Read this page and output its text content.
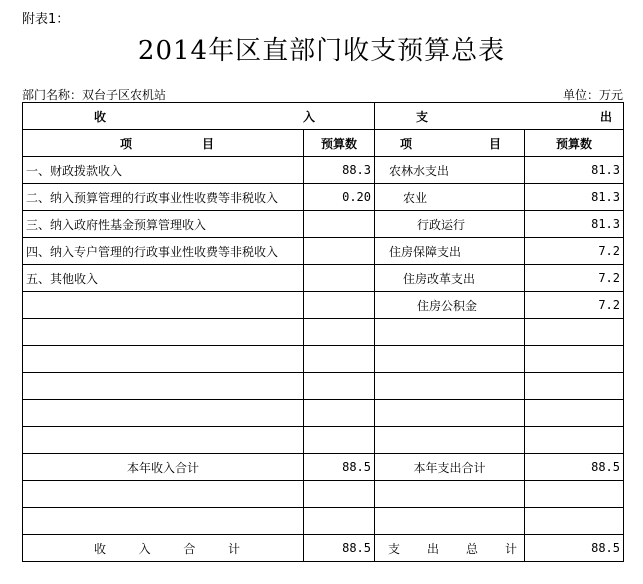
附表1：
2014年区直部门收支预算总表
部门名称：双台子区农机站	单位：万元
收 入		支 出	

项 目	预算数	项 目	预算数
一、财政拨款收入	88.3	农林水支出	81.3
二、纳入预算管理的行政事业性收费等非税收入	0.20	农业	81.3
三、纳入政府性基金预算管理收入		行政运行	81.3
四、纳入专户管理的行政事业性收费等非税收入		住房保障支出	7.2
五、其他收入		住房改革支出	7.2
		住房公积金	7.2

本年收入合计	88.5	本年支出合计	88.5

收 入 合 计	88.5	支 出 总 计	88.5
